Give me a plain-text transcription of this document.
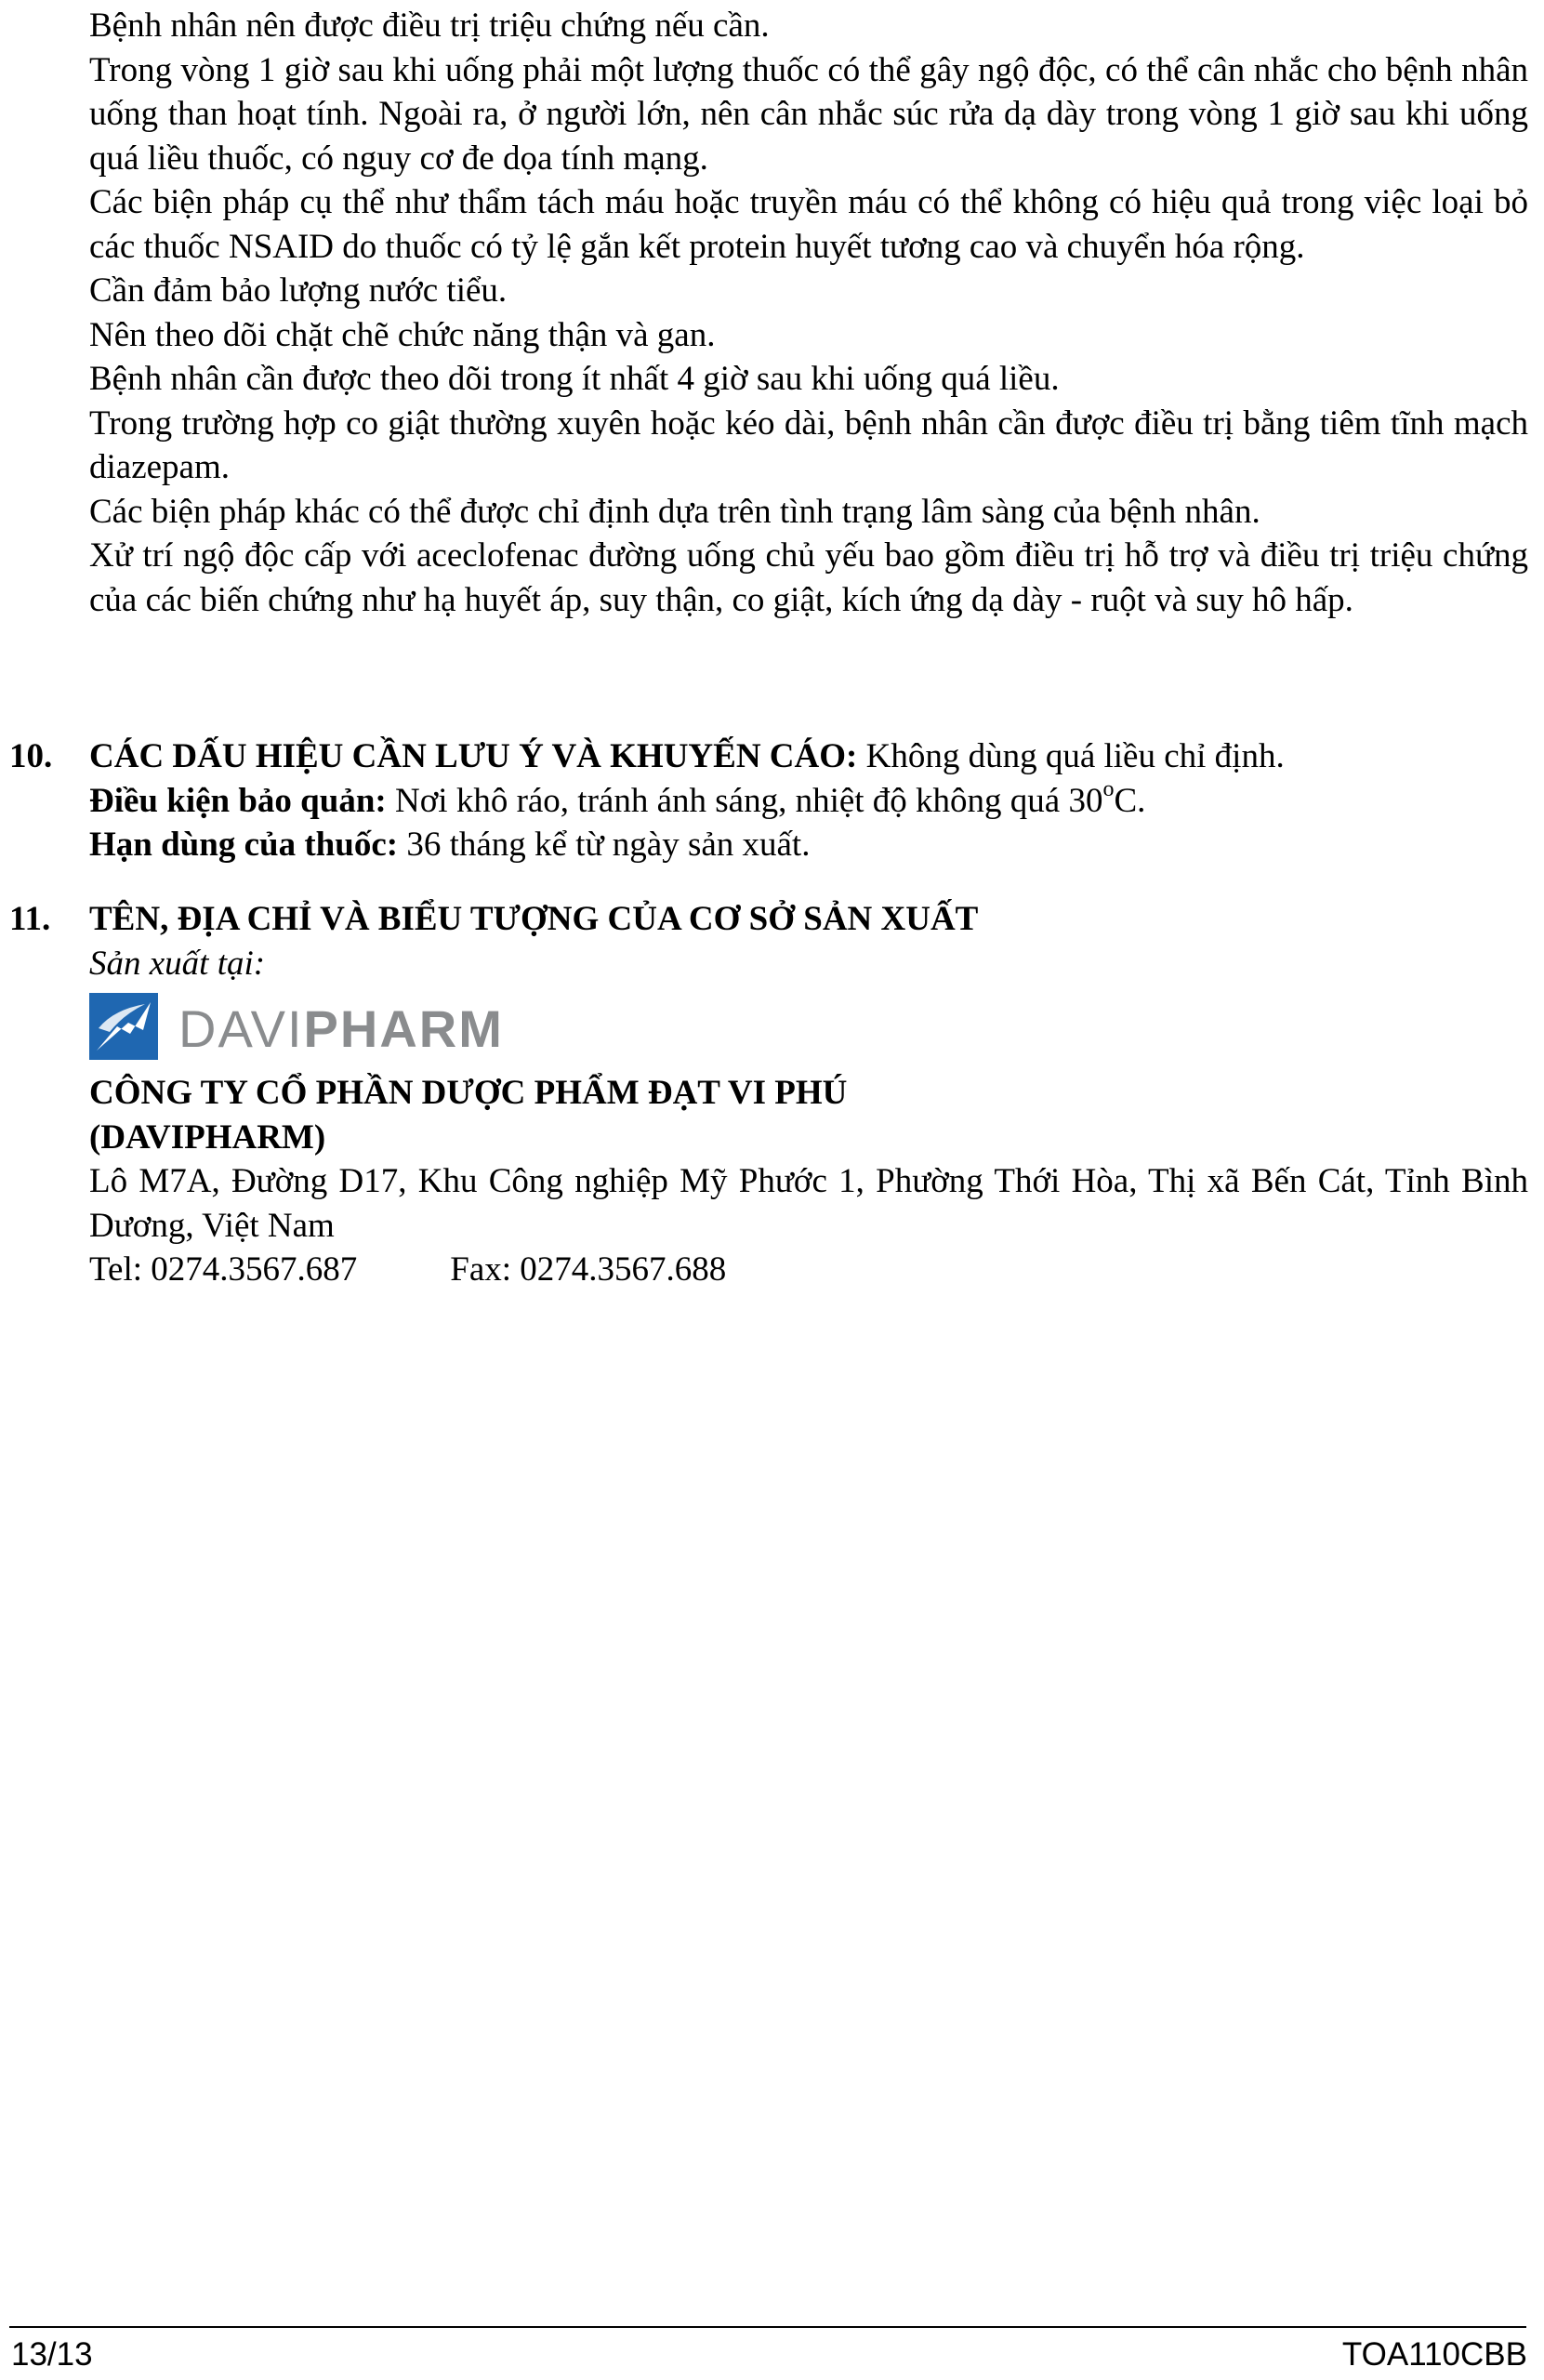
Bệnh nhân nên được điều trị triệu chứng nếu cần.

Trong vòng 1 giờ sau khi uống phải một lượng thuốc có thể gây ngộ độc, có thể cân nhắc cho bệnh nhân uống than hoạt tính. Ngoài ra, ở người lớn, nên cân nhắc súc rửa dạ dày trong vòng 1 giờ sau khi uống quá liều thuốc, có nguy cơ đe dọa tính mạng.

Các biện pháp cụ thể như thẩm tách máu hoặc truyền máu có thể không có hiệu quả trong việc loại bỏ các thuốc NSAID do thuốc có tỷ lệ gắn kết protein huyết tương cao và chuyển hóa rộng.

Cần đảm bảo lượng nước tiểu.

Nên theo dõi chặt chẽ chức năng thận và gan.

Bệnh nhân cần được theo dõi trong ít nhất 4 giờ sau khi uống quá liều.

Trong trường hợp co giật thường xuyên hoặc kéo dài, bệnh nhân cần được điều trị bằng tiêm tĩnh mạch diazepam.

Các biện pháp khác có thể được chỉ định dựa trên tình trạng lâm sàng của bệnh nhân.

Xử trí ngộ độc cấp với aceclofenac đường uống chủ yếu bao gồm điều trị hỗ trợ và điều trị triệu chứng của các biến chứng như hạ huyết áp, suy thận, co giật, kích ứng dạ dày - ruột và suy hô hấp.

10. CÁC DẤU HIỆU CẦN LƯU Ý VÀ KHUYẾN CÁO: Không dùng quá liều chỉ định.
Điều kiện bảo quản: Nơi khô ráo, tránh ánh sáng, nhiệt độ không quá 30$^o$C.
Hạn dùng của thuốc: 36 tháng kể từ ngày sản xuất.
11. TÊN, ĐỊA CHỈ VÀ BIỂU TƯỢNG CỦA CƠ SỞ SẢN XUẤT
Sản xuất tại:
DAVIPHARM
CÔNG TY CỔ PHẦN DƯỢC PHẨM ĐẠT VI PHÚ
(DAVIPHARM)

Lô M7A, Đường D17, Khu Công nghiệp Mỹ Phước 1, Phường Thới Hòa, Thị xã Bến Cát, Tỉnh Bình Dương, Việt Nam

Tel: 0274.3567.687	Fax: 0274.3567.688
13/13	TOA110CBB
